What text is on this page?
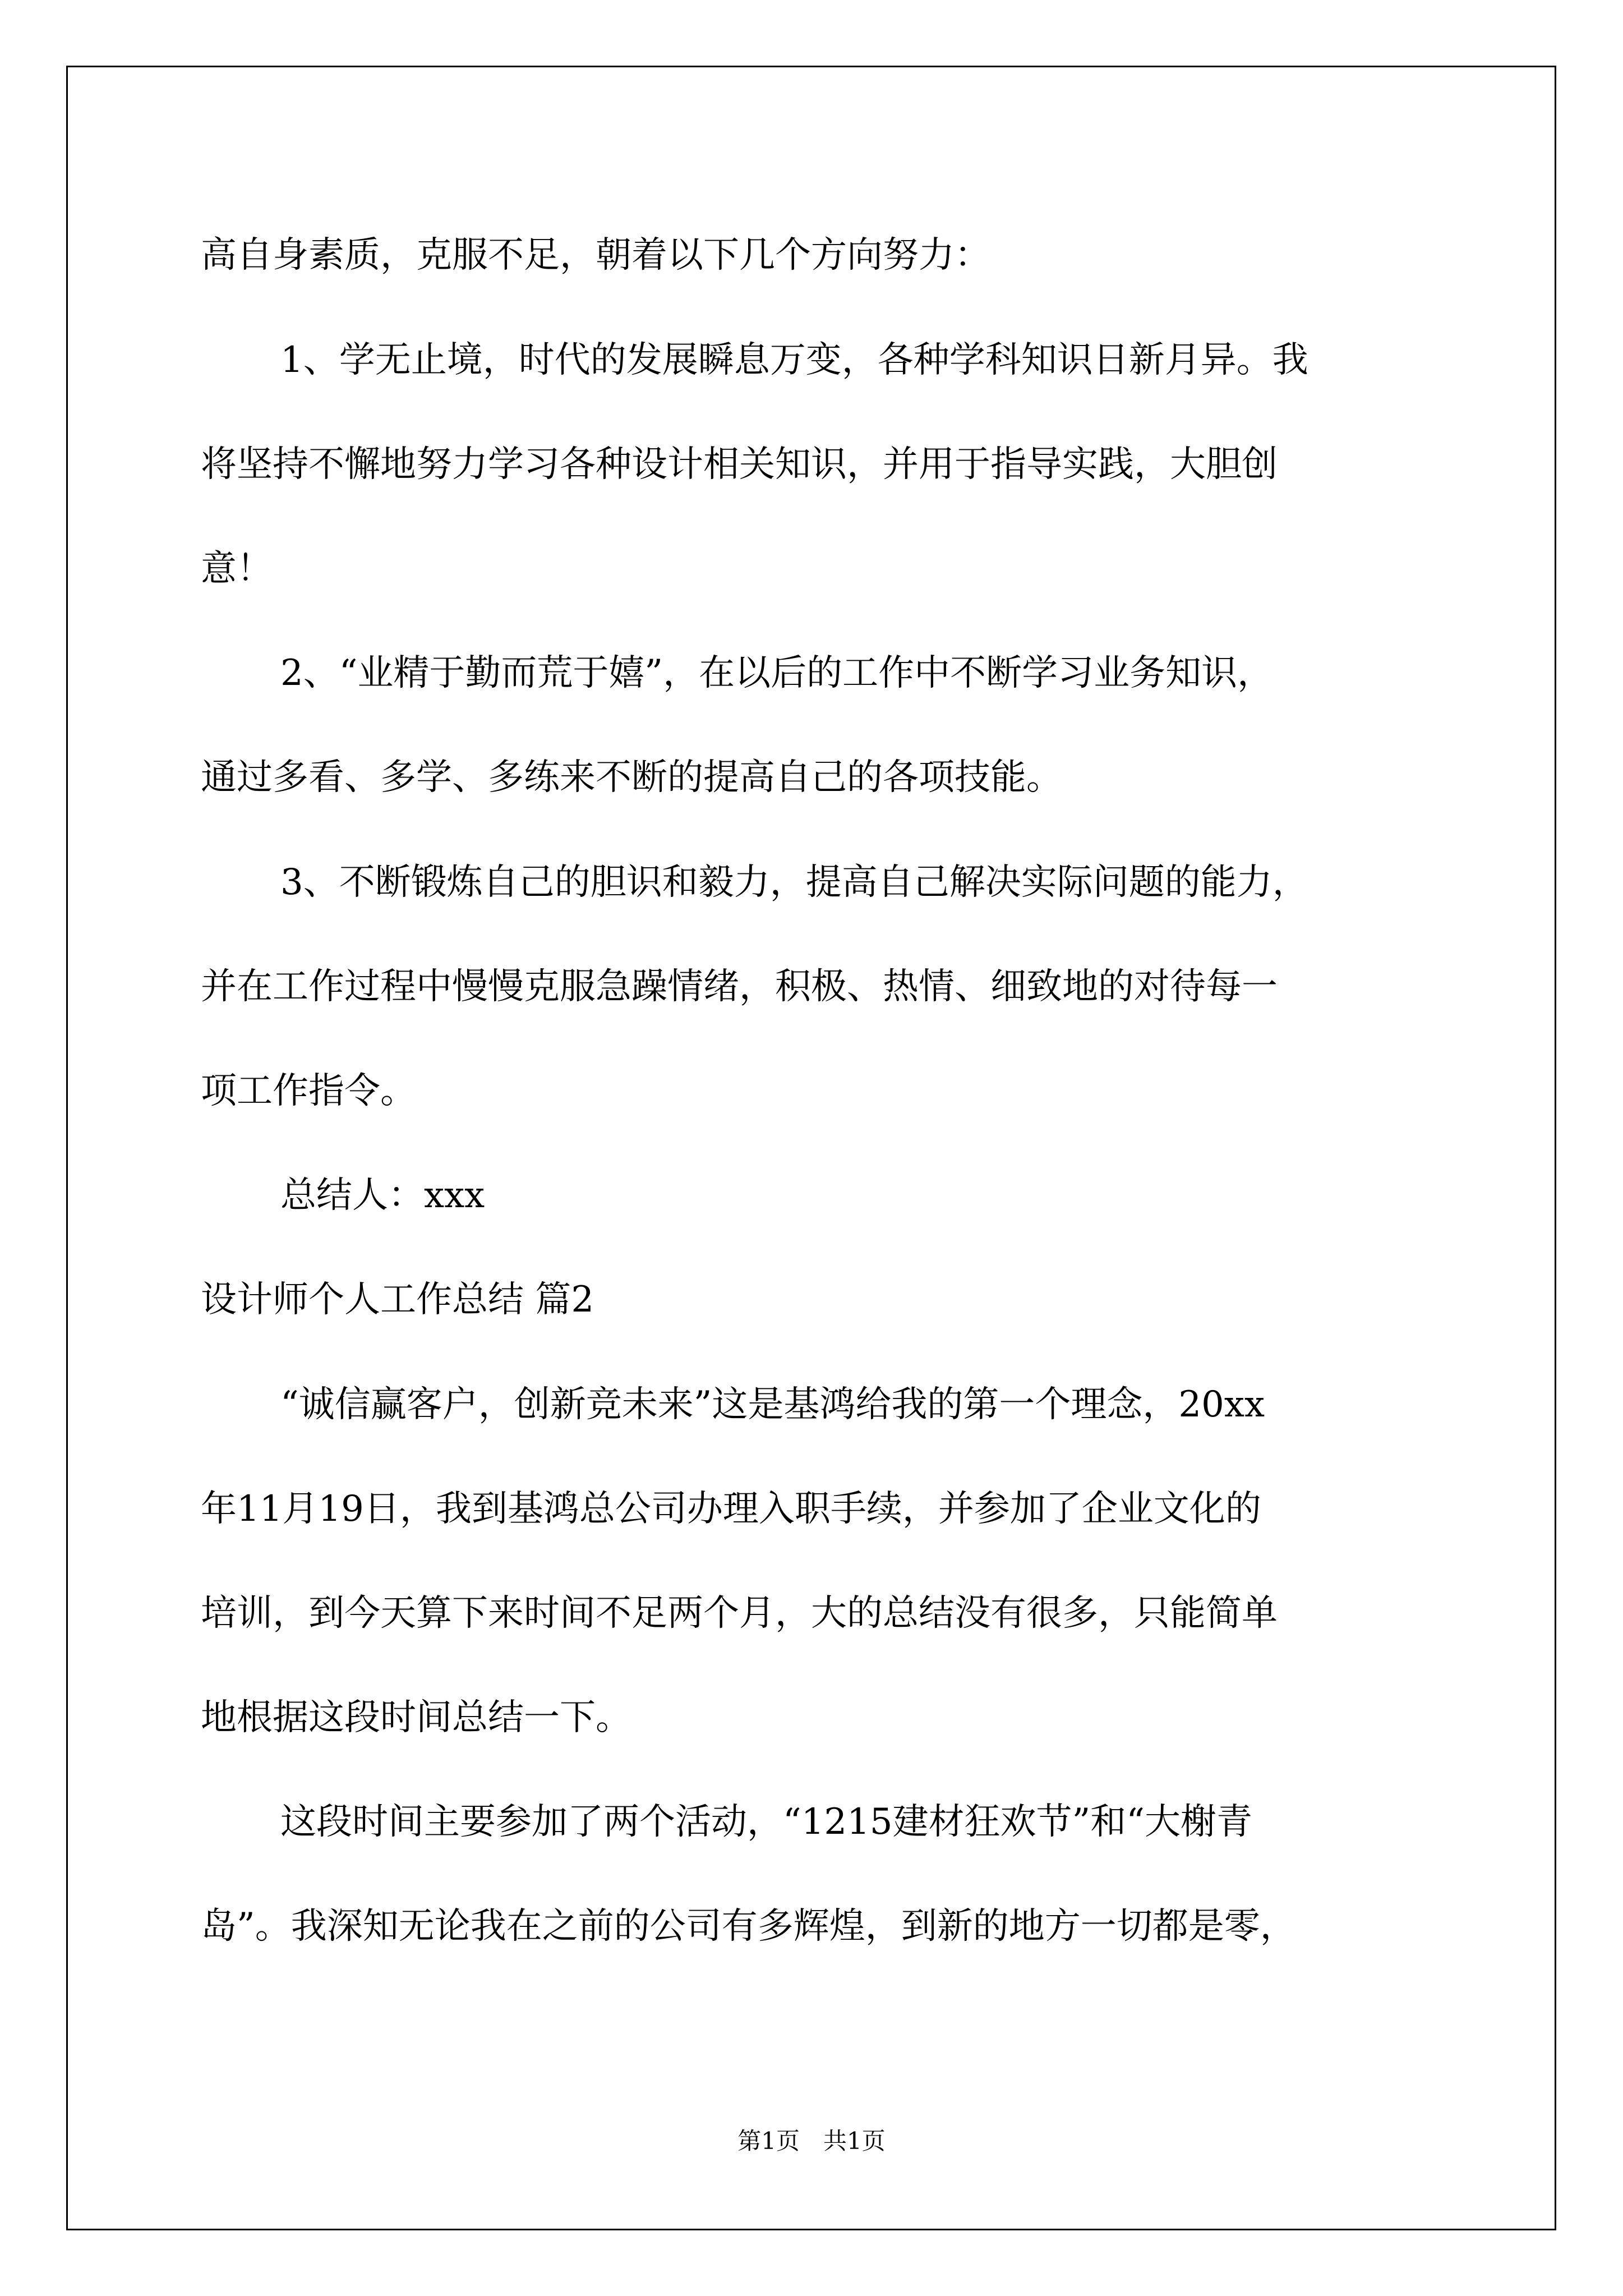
高自身素质，克服不足，朝着以下几个方向努力：
1、学无止境，时代的发展瞬息万变，各种学科知识日新月异。我
将坚持不懈地努力学习各种设计相关知识，并用于指导实践，大胆创
意！
2、“业精于勤而荒于嬉”，在以后的工作中不断学习业务知识，
通过多看、多学、多练来不断的提高自己的各项技能。
3、不断锻炼自己的胆识和毅力，提高自己解决实际问题的能力，
并在工作过程中慢慢克服急躁情绪，积极、热情、细致地的对待每一
项工作指令。
总结人：xxx
设计师个人工作总结 篇2
“诚信赢客户，创新竞未来”这是基鸿给我的第一个理念，20xx
年11月19日，我到基鸿总公司办理入职手续，并参加了企业文化的
培训，到今天算下来时间不足两个月，大的总结没有很多，只能简单
地根据这段时间总结一下。
这段时间主要参加了两个活动，“1215建材狂欢节”和“大榭青
岛”。我深知无论我在之前的公司有多辉煌，到新的地方一切都是零，
第1页　共1页
